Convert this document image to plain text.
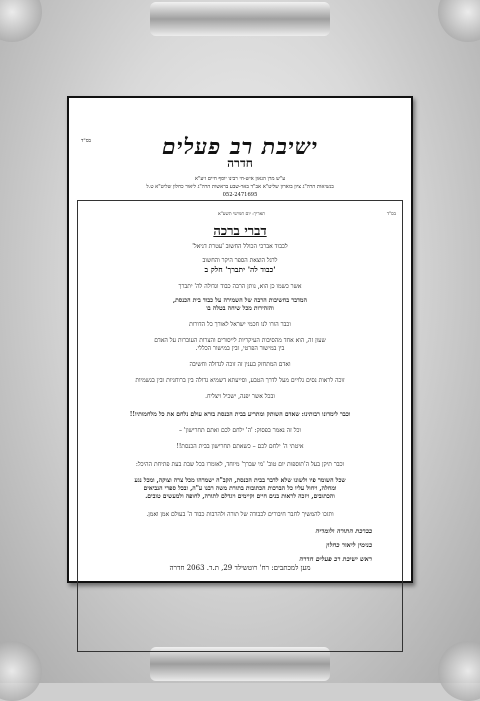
בס"ד	ישיבת רב פעלים
חדרה
ע"ש מרן הגאון איש-חי רבינו יוסף חיים זיע"א
בנשיאות הרה"ג ציון בוארון שליט"א אב"ד באר-שבע בראשות הרה"ג ליאור כחלון שליט"א ט.ל
052-2471695
בס"ד
תאריך: יום חמישי תשע"א
דברי ברכה
לכבוד אברכי הכולל החשוב 'עטרת דניאל'
לרגל הוצאת הספר היקר והחשוב
'כבוד לה' יתברך' חלק ב
אשר כשמו כן הוא, נותן הרבה כבוד וגדולה לה' יתברך
המדבר בחשיבות הרבה של השמירה על כבוד בית הכנסת,
והזהירות מכל שיחה בטלה בו
וכבר הורו לנו חכמי ישראל לאורך כל הדורות
שעון זה, הוא אחד מהסיבות העיקריות לייסורים והצרות העוברות על האדם
בין במישור הפרטי, ובין במישור הכללי.
ואדם המתחזק בענין זה זוכה לגדולה וחשיבה
זוכה לראות נסים גלויים מעל לדרך הטבע, וסייעתא דשמיא גדולה בין ברוחניות ובין בגשמיות
ובכל אשר יפנה, ישכיל ויצליח.
וכבר לימדונו רבותינו: שאדם השותק ומתריע בבית הכנסת בורא עולם נלחם את כל מלחמותיו!!
וכל זה נאמר בפסוק: 'ה' ילחם לכם ואתם תחרישון' –
איטתי ה' ילחם לכם – כשאתם תחרישון בבית הכנסת!!
וכבר תיקן בעל ה'תוספות יום טוב' 'מי שברך' מיוחד, לאומרו בכל שבת בעת פתיחת ההיכל:
שכל השומר פיו ולשונו שלא לדבר בבית הכנסת, הקב"ה ישמרהו מכל צרה וצוקה, ומכל נגע
ומחלה, ויחול עליו כל הברכות הכתובות בתורת משה רבנו ע"ה, ובכל ספרי הנביאים
והכתובים, ויזכה לראות בנים חיים וקיימים ויגדלם לתורה, לחופה ולמעשים טובים.
ותזכו להמשיך לחבר חיבורים לכבודה של תורה ולהרבות כבוד ה' בעולם אמן ואמן.
בברכת התורה ולומדיה
בנימין ליאור כחלון
ראש ישיבת רב פעלים חדרה
מען למכתבים: רח' רוטשילד 29, ת.ד. 2063 חדרה
